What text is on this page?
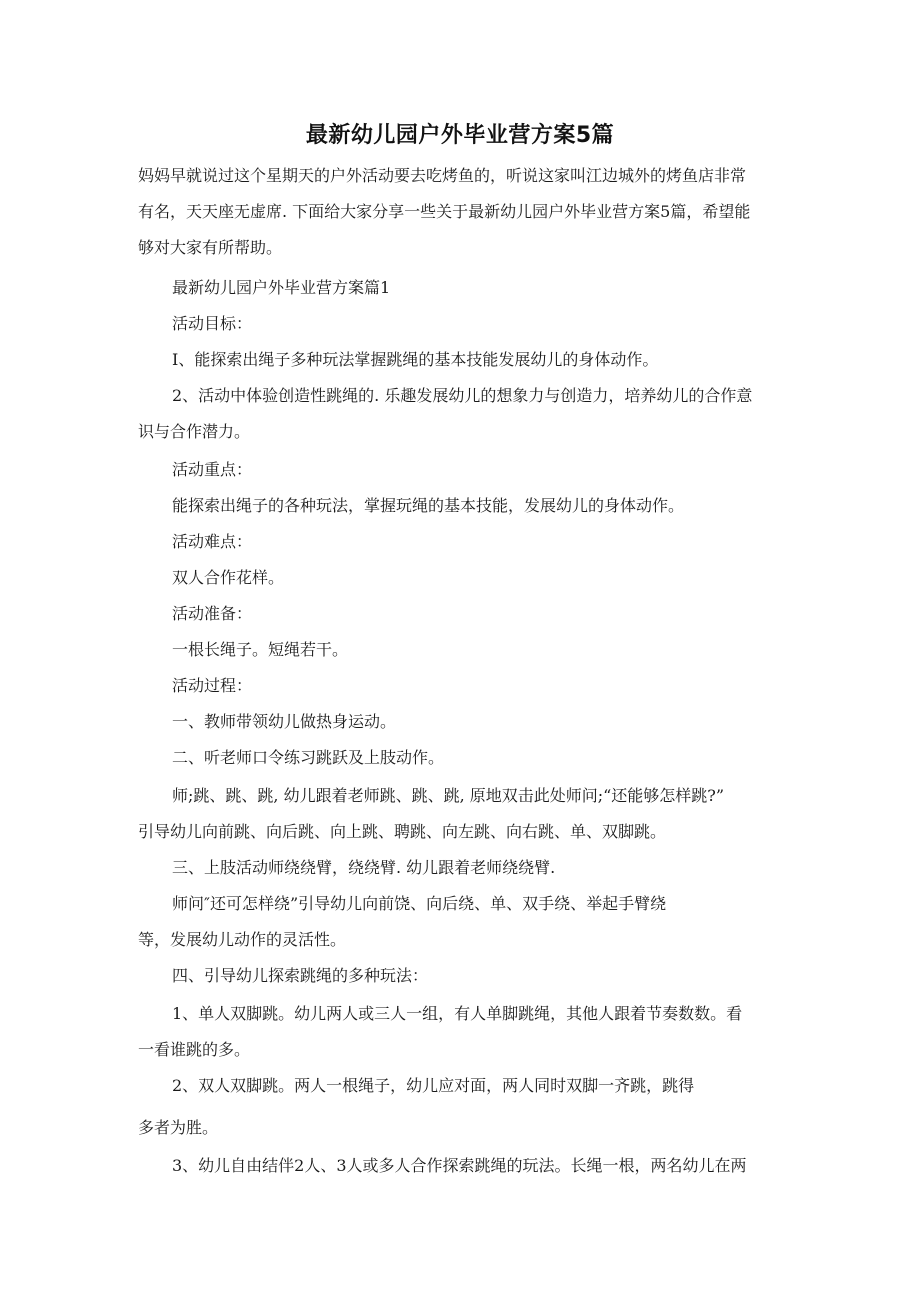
最新幼儿园户外毕业营方案5篇
妈妈早就说过这个星期天的户外活动要去吃烤鱼的，听说这家叫江边城外的烤鱼店非常
有名，天天座无虚席. 下面给大家分享一些关于最新幼儿园户外毕业营方案5篇，希望能
够对大家有所帮助。
最新幼儿园户外毕业营方案篇1
活动目标：
I、能探索出绳子多种玩法掌握跳绳的基本技能发展幼儿的身体动作。
2、活动中体验创造性跳绳的. 乐趣发展幼儿的想象力与创造力，培养幼儿的合作意
识与合作潜力。
活动重点：
能探索出绳子的各种玩法，掌握玩绳的基本技能，发展幼儿的身体动作。
活动难点：
双人合作花样。
活动准备：
一根长绳子。短绳若干。
活动过程：
一、教师带领幼儿做热身运动。
二、听老师口令练习跳跃及上肢动作。
师;跳、跳、跳, 幼儿跟着老师跳、跳、跳, 原地双击此处师问;“还能够怎样跳?”
引导幼儿向前跳、向后跳、向上跳、聘跳、向左跳、向右跳、单、双脚跳。
三、上肢活动师绕绕臂，绕绕臂. 幼儿跟着老师绕绕臂.
师问″还可怎样绕”引导幼儿向前饶、向后绕、单、双手绕、举起手臂绕
等，发展幼儿动作的灵活性。
四、引导幼儿探索跳绳的多种玩法：
1、单人双脚跳。幼儿两人或三人一组，有人单脚跳绳，其他人跟着节奏数数。看
一看谁跳的多。
2、双人双脚跳。两人一根绳子，幼儿应对面，两人同时双脚一齐跳，跳得
多者为胜。
3、幼儿自由结伴2人、3人或多人合作探索跳绳的玩法。长绳一根，两名幼儿在两
